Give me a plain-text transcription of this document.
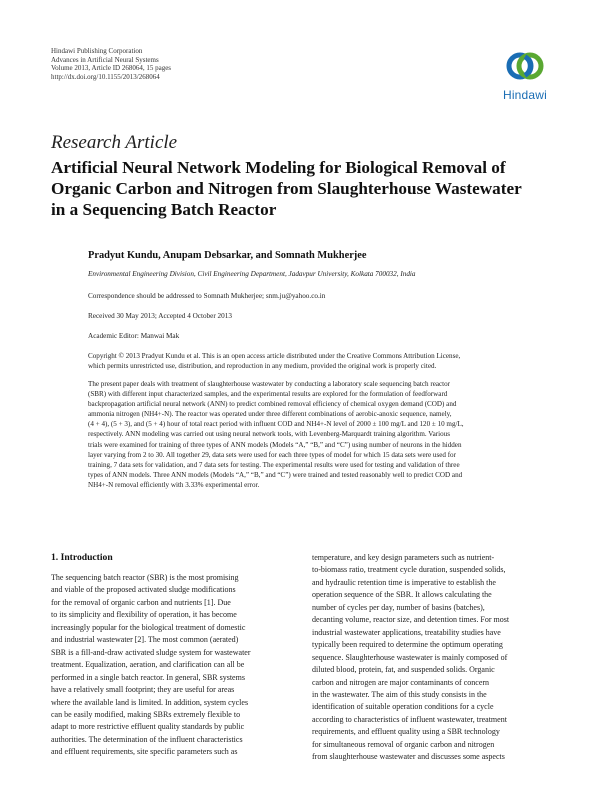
Hindawi Publishing Corporation
Advances in Artificial Neural Systems
Volume 2013, Article ID 268064, 15 pages
http://dx.doi.org/10.1155/2013/268064
Hindawi
Research Article
Artificial Neural Network Modeling for Biological Removal of
Organic Carbon and Nitrogen from Slaughterhouse Wastewater
in a Sequencing Batch Reactor
Pradyut Kundu, Anupam Debsarkar, and Somnath Mukherjee
Environmental Engineering Division, Civil Engineering Department, Jadavpur University, Kolkata 700032, India
Correspondence should be addressed to Somnath Mukherjee; snm.ju@yahoo.co.in
Received 30 May 2013; Accepted 4 October 2013
Academic Editor: Manwai Mak
Copyright © 2013 Pradyut Kundu et al. This is an open access article distributed under the Creative Commons Attribution License,
which permits unrestricted use, distribution, and reproduction in any medium, provided the original work is properly cited.
The present paper deals with treatment of slaughterhouse wastewater by conducting a laboratory scale sequencing batch reactor
(SBR) with different input characterized samples, and the experimental results are explored for the formulation of feedforward
backpropagation artificial neural network (ANN) to predict combined removal efficiency of chemical oxygen demand (COD) and
ammonia nitrogen (NH4+-N). The reactor was operated under three different combinations of aerobic-anoxic sequence, namely,
(4 + 4), (5 + 3), and (5 + 4) hour of total react period with influent COD and NH4+-N level of 2000 ± 100 mg/L and 120 ± 10 mg/L,
respectively. ANN modeling was carried out using neural network tools, with Levenberg-Marquardt training algorithm. Various
trials were examined for training of three types of ANN models (Models “A,” “B,” and “C”) using number of neurons in the hidden
layer varying from 2 to 30. All together 29, data sets were used for each three types of model for which 15 data sets were used for
training, 7 data sets for validation, and 7 data sets for testing. The experimental results were used for testing and validation of three
types of ANN models. Three ANN models (Models “A,” “B,” and “C”) were trained and tested reasonably well to predict COD and
NH4+-N removal efficiently with 3.33% experimental error.
1. Introduction
The sequencing batch reactor (SBR) is the most promising
and viable of the proposed activated sludge modifications
for the removal of organic carbon and nutrients [1]. Due
to its simplicity and flexibility of operation, it has become
increasingly popular for the biological treatment of domestic
and industrial wastewater [2]. The most common (aerated)
SBR is a fill-and-draw activated sludge system for wastewater
treatment. Equalization, aeration, and clarification can all be
performed in a single batch reactor. In general, SBR systems
have a relatively small footprint; they are useful for areas
where the available land is limited. In addition, system cycles
can be easily modified, making SBRs extremely flexible to
adapt to more restrictive effluent quality standards by public
authorities. The determination of the influent characteristics
and effluent requirements, site specific parameters such as
temperature, and key design parameters such as nutrient-
to-biomass ratio, treatment cycle duration, suspended solids,
and hydraulic retention time is imperative to establish the
operation sequence of the SBR. It allows calculating the
number of cycles per day, number of basins (batches),
decanting volume, reactor size, and detention times. For most
industrial wastewater applications, treatability studies have
typically been required to determine the optimum operating
sequence. Slaughterhouse wastewater is mainly composed of
diluted blood, protein, fat, and suspended solids. Organic
carbon and nitrogen are major contaminants of concern
in the wastewater. The aim of this study consists in the
identification of suitable operation conditions for a cycle
according to characteristics of influent wastewater, treatment
requirements, and effluent quality using a SBR technology
for simultaneous removal of organic carbon and nitrogen
from slaughterhouse wastewater and discusses some aspects
